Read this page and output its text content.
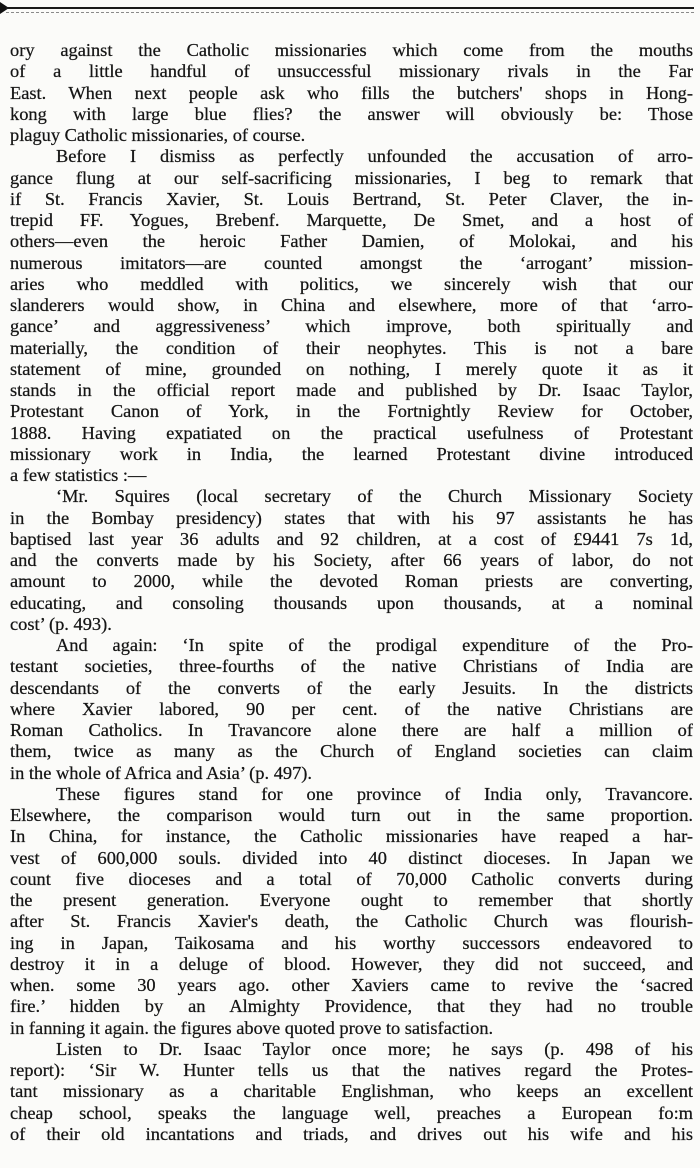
ory against the Catholic missionaries which come from the mouths
of a little handful of unsuccessful missionary rivals in the Far
East. When next people ask who fills the butchers' shops in Hong-
kong with large blue flies? the answer will obviously be: Those
plaguy Catholic missionaries, of course.
Before I dismiss as perfectly unfounded the accusation of arro-
gance flung at our self-sacrificing missionaries, I beg to remark that
if St. Francis Xavier, St. Louis Bertrand, St. Peter Claver, the in-
trepid FF. Yogues, Brebenf. Marquette, De Smet, and a host of
others—even the heroic Father Damien, of Molokai, and his
numerous imitators—are counted amongst the ‘arrogant’ mission-
aries who meddled with politics, we sincerely wish that our
slanderers would show, in China and elsewhere, more of that ‘arro-
gance’ and aggressiveness’ which improve, both spiritually and
materially, the condition of their neophytes. This is not a bare
statement of mine, grounded on nothing, I merely quote it as it
stands in the official report made and published by Dr. Isaac Taylor,
Protestant Canon of York, in the Fortnightly Review for October,
1888. Having expatiated on the practical usefulness of Protestant
missionary work in India, the learned Protestant divine introduced
a few statistics :—
‘Mr. Squires (local secretary of the Church Missionary Society
in the Bombay presidency) states that with his 97 assistants he has
baptised last year 36 adults and 92 children, at a cost of £9441 7s 1d,
and the converts made by his Society, after 66 years of labor, do not
amount to 2000, while the devoted Roman priests are converting,
educating, and consoling thousands upon thousands, at a nominal
cost’ (p. 493).
And again: ‘In spite of the prodigal expenditure of the Pro-
testant societies, three-fourths of the native Christians of India are
descendants of the converts of the early Jesuits. In the districts
where Xavier labored, 90 per cent. of the native Christians are
Roman Catholics. In Travancore alone there are half a million of
them, twice as many as the Church of England societies can claim
in the whole of Africa and Asia’ (p. 497).
These figures stand for one province of India only, Travancore.
Elsewhere, the comparison would turn out in the same proportion.
In China, for instance, the Catholic missionaries have reaped a har-
vest of 600,000 souls. divided into 40 distinct dioceses. In Japan we
count five dioceses and a total of 70,000 Catholic converts during
the present generation. Everyone ought to remember that shortly
after St. Francis Xavier's death, the Catholic Church was flourish-
ing in Japan, Taikosama and his worthy successors endeavored to
destroy it in a deluge of blood. However, they did not succeed, and
when. some 30 years ago. other Xaviers came to revive the ‘sacred
fire.’ hidden by an Almighty Providence, that they had no trouble
in fanning it again. the figures above quoted prove to satisfaction.
Listen to Dr. Isaac Taylor once more; he says (p. 498 of his
report): ‘Sir W. Hunter tells us that the natives regard the Protes-
tant missionary as a charitable Englishman, who keeps an excellent
cheap school, speaks the language well, preaches a European fo:m
of their old incantations and triads, and drives out his wife and his
